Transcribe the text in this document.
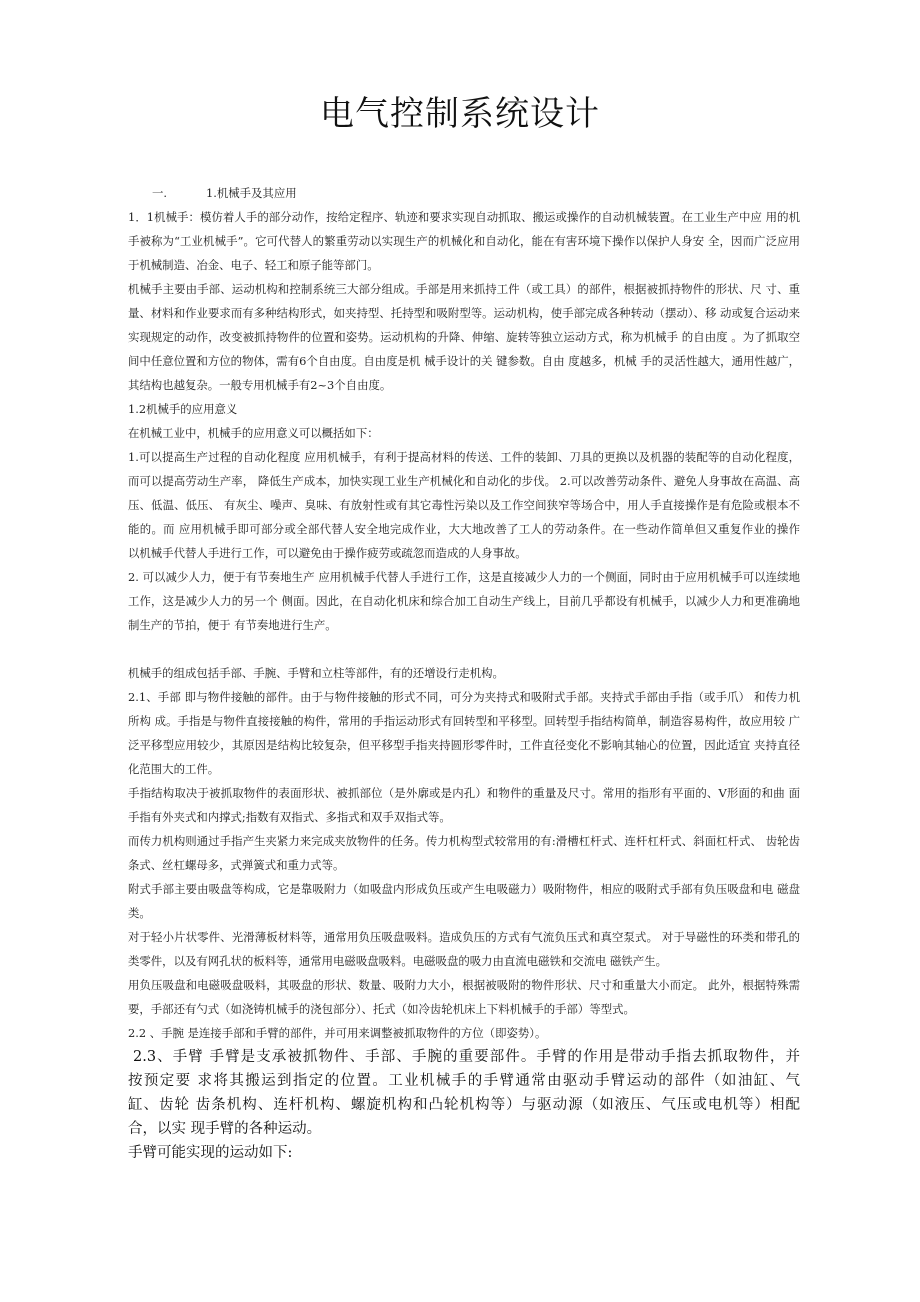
电气控制系统设计
一.	1.机械手及其应用
1．1机械手：模仿着人手的部分动作，按给定程序、轨迹和要求实现自动抓取、搬运或操作的自动机械装置。在工业生产中应 用的机
手被称为“工业机械手”。它可代替人的繁重劳动以实现生产的机械化和自动化，能在有害环境下操作以保护人身安 全，因而广泛应用
于机械制造、冶金、电子、轻工和原子能等部门。
机械手主要由手部、运动机构和控制系统三大部分组成。手部是用来抓持工件（或工具）的部件，根据被抓持物件的形状、尺 寸、重
量、材料和作业要求而有多种结构形式，如夹持型、托持型和吸附型等。运动机构，使手部完成各种转动（摆动）、移 动或复合运动来
实现规定的动作，改变被抓持物件的位置和姿势。运动机构的升降、伸缩、旋转等独立运动方式，称为机械手 的自由度 。为了抓取空
间中任意位置和方位的物体，需有6个自由度。自由度是机 械手设计的关 键参数。自由 度越多，机械 手的灵活性越大，通用性越广，
其结构也越复杂。一般专用机械手有2~3个自由度。
1.2机械手的应用意义
在机械工业中，机械手的应用意义可以概括如下：
1.可以提高生产过程的自动化程度 应用机械手，有利于提高材料的传送、工件的装卸、刀具的更换以及机器的装配等的自动化程度，
而可以提高劳动生产率， 降低生产成本，加快实现工业生产机械化和自动化的步伐。 2.可以改善劳动条件、避免人身事故在高温、高
压、低温、低压、 有灰尘、噪声、臭味、有放射性或有其它毒性污染以及工作空间狭窄等场合中，用人手直接操作是有危险或根本不
能的。而 应用机械手即可部分或全部代替人安全地完成作业，大大地改善了工人的劳动条件。在一些动作简单但又重复作业的操作
以机械手代替人手进行工作，可以避免由于操作疲劳或疏忽而造成的人身事故。
2. 可以减少人力，便于有节奏地生产 应用机械手代替人手进行工作，这是直接减少人力的一个侧面，同时由于应用机械手可以连续地
工作，这是减少人力的另一个 侧面。因此，在自动化机床和综合加工自动生产线上，目前几乎都设有机械手，以减少人力和更准确地
制生产的节拍，便于 有节奏地进行生产。
机械手的组成包括手部、手腕、手臂和立柱等部件，有的还增设行走机构。
2.1、手部 即与物件接触的部件。由于与物件接触的形式不同，可分为夹持式和吸附式手部。夹持式手部由手指（或手爪） 和传力机
所构 成。手指是与物件直接接触的构件，常用的手指运动形式有回转型和平移型。回转型手指结构简单，制造容易构件，故应用较 广
泛平移型应用较少，其原因是结构比较复杂，但平移型手指夹持圆形零件时，工件直径变化不影响其轴心的位置，因此适宜 夹持直径
化范围大的工件。
手指结构取决于被抓取物件的表面形状、被抓部位（是外廓或是内孔）和物件的重量及尺寸。常用的指形有平面的、V形面的和曲 面
手指有外夹式和内撑式;指数有双指式、多指式和双手双指式等。
而传力机构则通过手指产生夹紧力来完成夹放物件的任务。传力机构型式较常用的有:滑槽杠杆式、连杆杠杆式、斜面杠杆式、 齿轮齿
条式、丝杠螺母多，式弹簧式和重力式等。
附式手部主要由吸盘等构成，它是靠吸附力（如吸盘内形成负压或产生电吸磁力）吸附物件，相应的吸附式手部有负压吸盘和电 磁盘
类。
对于轻小片状零件、光滑薄板材料等，通常用负压吸盘吸料。造成负压的方式有气流负压式和真空泵式。 对于导磁性的环类和带孔的
类零件，以及有网孔状的板料等，通常用电磁吸盘吸料。电磁吸盘的吸力由直流电磁铁和交流电 磁铁产生。
用负压吸盘和电磁吸盘吸料，其吸盘的形状、数量、吸附力大小，根据被吸附的物件形状、尺寸和重量大小而定。 此外，根据特殊需
要，手部还有勺式（如浇铸机械手的浇包部分）、托式（如冷齿轮机床上下料机械手的手部）等型式。
2.2 、手腕 是连接手部和手臂的部件，并可用来调整被抓取物件的方位（即姿势）。
2.3、手臂 手臂是支承被抓物件、手部、手腕的重要部件。手臂的作用是带动手指去抓取物件，并
按预定要 求将其搬运到指定的位置。工业机械手的手臂通常由驱动手臂运动的部件（如油缸、气
缸、齿轮 齿条机构、连杆机构、螺旋机构和凸轮机构等）与驱动源（如液压、气压或电机等）相配
合，以实 现手臂的各种运动。
手臂可能实现的运动如下:
